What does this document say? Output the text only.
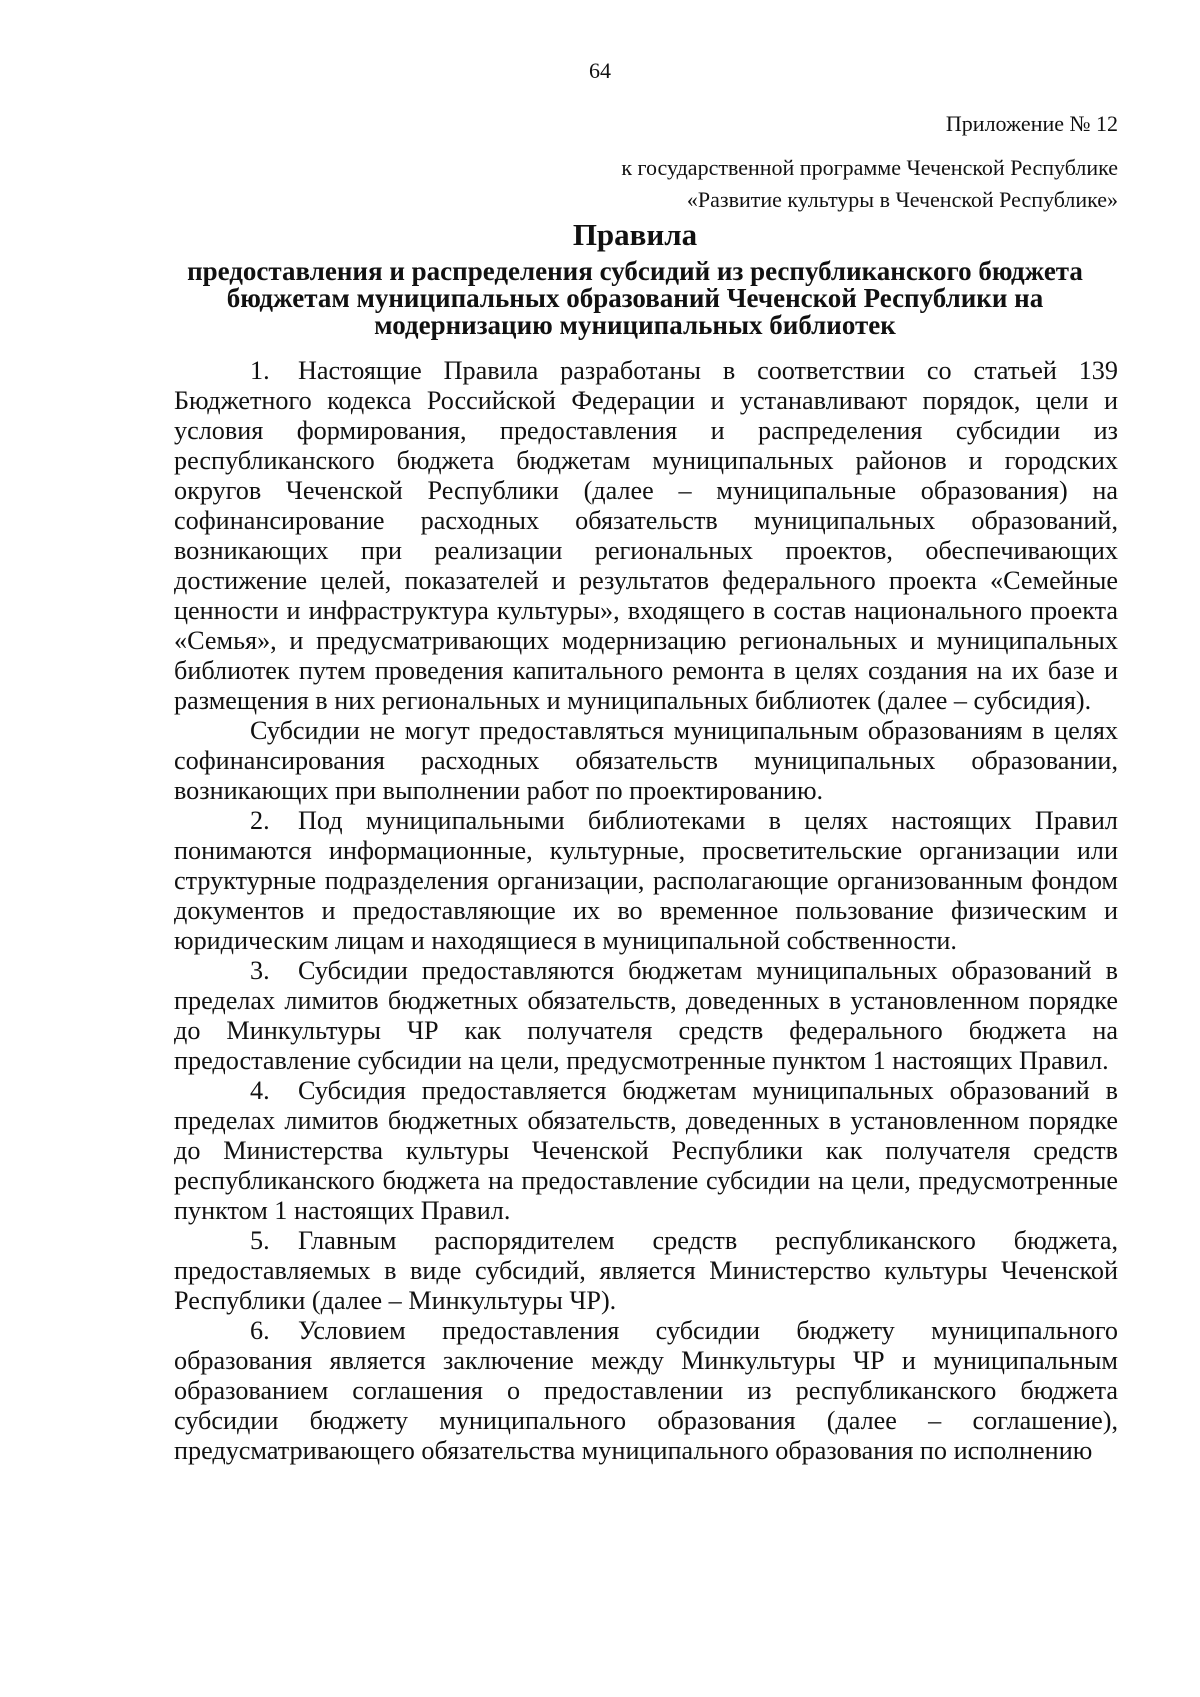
64
Приложение № 12
к государственной программе Чеченской Республике
«Развитие культуры в Чеченской Республике»
Правила
предоставления и распределения субсидий из республиканского бюджета бюджетам муниципальных образований Чеченской Республики на модернизацию муниципальных библиотек

1. Настоящие Правила разработаны в соответствии со статьей 139 Бюджетного кодекса Российской Федерации и устанавливают порядок, цели и условия формирования, предоставления и распределения субсидии из республиканского бюджета бюджетам муниципальных районов и городских округов Чеченской Республики (далее – муниципальные образования) на софинансирование расходных обязательств муниципальных образований, возникающих при реализации региональных проектов, обеспечивающих достижение целей, показателей и результатов федерального проекта «Семейные ценности и инфраструктура культуры», входящего в состав национального проекта «Семья», и предусматривающих модернизацию региональных и муниципальных библиотек путем проведения капитального ремонта в целях создания на их базе и размещения в них региональных и муниципальных библиотек (далее – субсидия).

Субсидии не могут предоставляться муниципальным образованиям в целях софинансирования расходных обязательств муниципальных образовании, возникающих при выполнении работ по проектированию.

2. Под муниципальными библиотеками в целях настоящих Правил понимаются информационные, культурные, просветительские организации или структурные подразделения организации, располагающие организованным фондом документов и предоставляющие их во временное пользование физическим и юридическим лицам и находящиеся в муниципальной собственности.

3. Субсидии предоставляются бюджетам муниципальных образований в пределах лимитов бюджетных обязательств, доведенных в установленном порядке до Минкультуры ЧР как получателя средств федерального бюджета на предоставление субсидии на цели, предусмотренные пунктом 1 настоящих Правил.

4. Субсидия предоставляется бюджетам муниципальных образований в пределах лимитов бюджетных обязательств, доведенных в установленном порядке до Министерства культуры Чеченской Республики как получателя средств республиканского бюджета на предоставление субсидии на цели, предусмотренные пунктом 1 настоящих Правил.

5. Главным распорядителем средств республиканского бюджета, предоставляемых в виде субсидий, является Министерство культуры Чеченской Республики (далее – Минкультуры ЧР).

6. Условием предоставления субсидии бюджету муниципального образования является заключение между Минкультуры ЧР и муниципальным образованием соглашения о предоставлении из республиканского бюджета субсидии бюджету муниципального образования (далее – соглашение), предусматривающего обязательства муниципального образования по исполнению
